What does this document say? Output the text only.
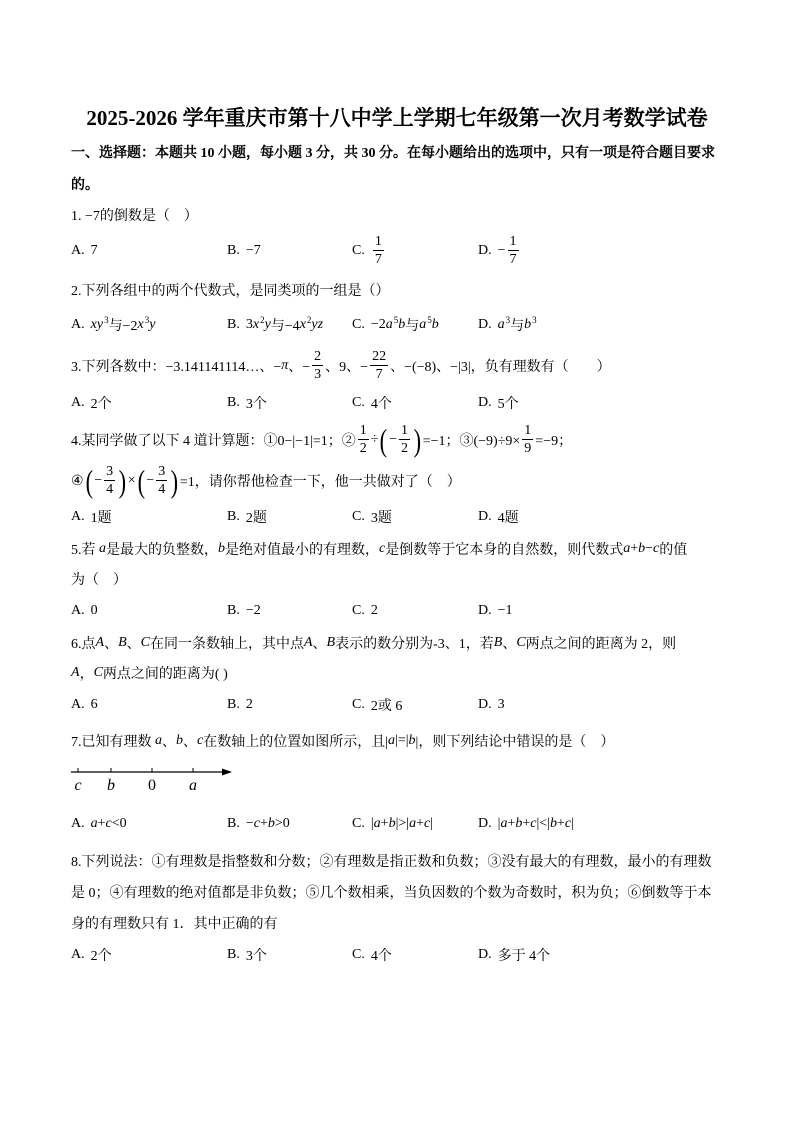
2025-2026 学年重庆市第十八中学上学期七年级第一次月考数学试卷
一、选择题：本题共 10 小题，每小题 3 分，共 30 分。在每小题给出的选项中，只有一项是符合题目要求
的。
1. −7的倒数是（　）
A. 7	B. −7	C. $\frac{1}{7}$	D. − $\frac{1}{7}$
2.下列各组中的两个代数式，是同类项的一组是（）
A. xy 3 与−2 x 3 y	B. 3 x 2 y 与−4 x 2 yz C. −2 a 5 b 与 a 5 b	D. a 3 与 b 3
3.下列各数中：−3.141141114…、− π 、− $\frac{2}{3}$ 、9、− $\frac{22}{7}$ 、−(−8)、−|3|，负有理数有（　　）
A. 2个	B. 3个	C. 4个	D. 5个
4.某同学做了以下 4 道计算题：①0−|−1|=1；② $\frac{1}{2}$ ÷ ( − $\frac{1}{2}$ ) =−1；③(−9)÷9× $\frac{1}{9} =-9$；
④ ( − $\frac{3}{4}$ ) × ( − $\frac{3}{4}$ ) =1，请你帮他检查一下，他一共做对了（　）
A. 1题	B. 2题	C. 3题	D. 4题
5.若 a 是最大的负整数， b 是绝对值最小的有理数， c 是倒数等于它本身的自然数，则代数式 a + b − c 的值
为（　）
A. 0	B. −2	C. 2	D. −1
6.点 A 、 B 、 C 在同一条数轴上，其中点 A 、 B 表示的数分别为-3、1，若 B 、 C 两点之间的距离为 2，则
A ， C 两点之间的距离为( )
A. 6	B. 2	C. 2或 6	D. 3
7.已知有理数 a 、 b 、 c 在数轴上的位置如图所示，且| a |=| b |，则下列结论中错误的是（　）
c b 0 a
A. a + c <0	B. − c + b >0	C. | a + b |>| a + c |	D. | a + b + c |<| b + c |
8.下列说法：①有理数是指整数和分数；②有理数是指正数和负数；③没有最大的有理数，最小的有理数
是 0；④有理数的绝对值都是非负数；⑤几个数相乘，当负因数的个数为奇数时，积为负；⑥倒数等于本
身的有理数只有 1．其中正确的有
A. 2个	B. 3个	C. 4个	D. 多于 4个
